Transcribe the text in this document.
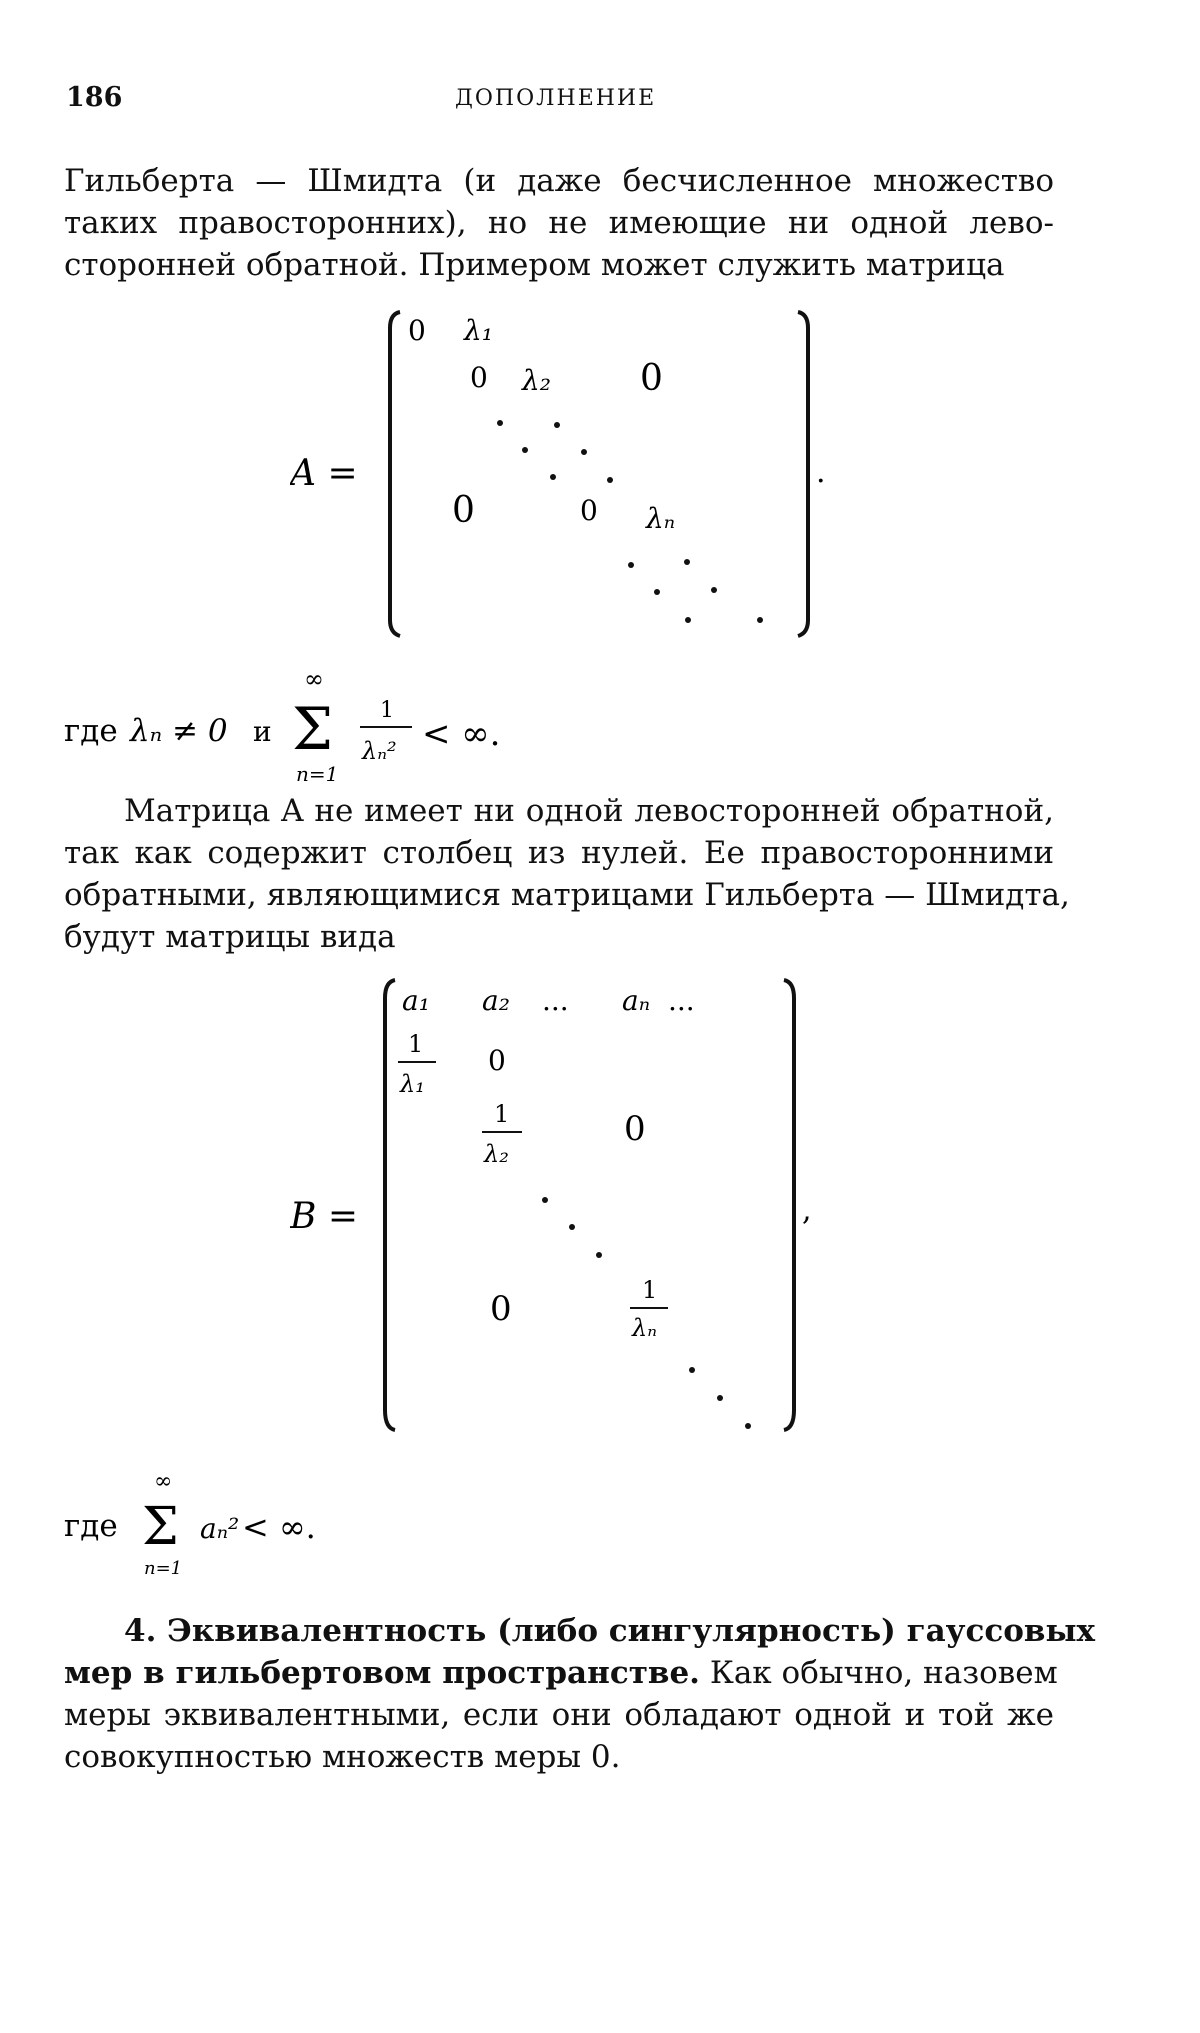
186	ДОПОЛНЕНИЕ
Гильберта — Шмидта (и даже бесчисленное множество
таких правосторонних), но не имеющие ни одной лево-
сторонней обратной. Примером может служить матрица
A =
0 λ₁
0 λ₂ 0
0	0 λₙ
.
где λₙ ≠ 0 и
∞
Σ
n=1
1
λₙ² < ∞.
Матрица A не имеет ни одной левосторонней обратной,
так как содержит столбец из нулей. Ее правосторонними
обратными, являющимися матрицами Гильберта — Шмидта,
будут матрицы вида
B =
a₁ a₂ ... aₙ ...
1
λ₁
0
1
λ₂
0
0	1
λₙ
,
где
∞
Σ
n=1
aₙ² < ∞.
4. Эквивалентность (либо сингулярность) гауссовых
мер в гильбертовом пространстве. Как обычно, назовем
меры эквивалентными, если они обладают одной и той же
совокупностью множеств меры 0.
